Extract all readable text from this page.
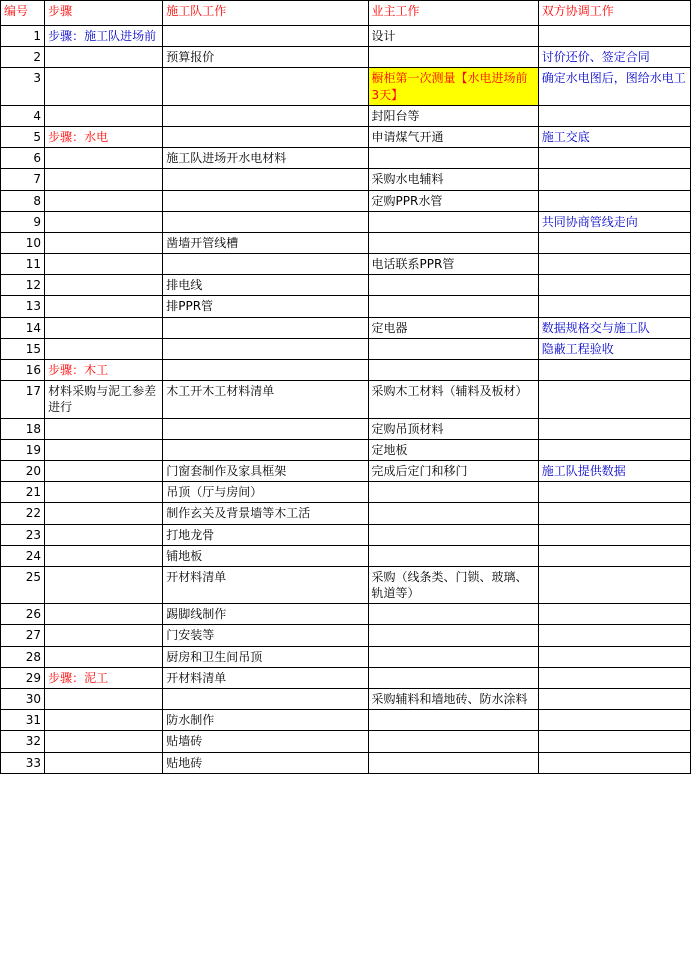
编号	步骤	施工队工作	业主工作	双方协调工作
1	步骤：施工队进场前		设计	
2		预算报价		讨价还价、签定合同
3			橱柜第一次测量【水电进场前3天】	确定水电图后，图给水电工
4			封阳台等	
5	步骤：水电		申请煤气开通	施工交底
6		施工队进场开水电材料		
7			采购水电辅料	
8			定购PPR水管	
9				共同协商管线走向
10		凿墙开管线槽		
11			电话联系PPR管	
12		排电线		
13		排PPR管		
14			定电器	数据规格交与施工队
15				隐蔽工程验收
16	步骤：木工			
17	材料采购与泥工参差进行	木工开木工材料清单	采购木工材料（辅料及板材）	
18			定购吊顶材料	
19			定地板	
20		门窗套制作及家具框架	完成后定门和移门	施工队提供数据
21		吊顶（厅与房间）		
22		制作玄关及背景墙等木工活		
23		打地龙骨		
24		铺地板		
25		开材料清单	采购（线条类、门锁、玻璃、轨道等）	
26		踢脚线制作		
27		门安装等		
28		厨房和卫生间吊顶		
29	步骤：泥工	开材料清单		
30			采购辅料和墙地砖、防水涂料	
31		防水制作		
32		贴墙砖		
33		贴地砖		
